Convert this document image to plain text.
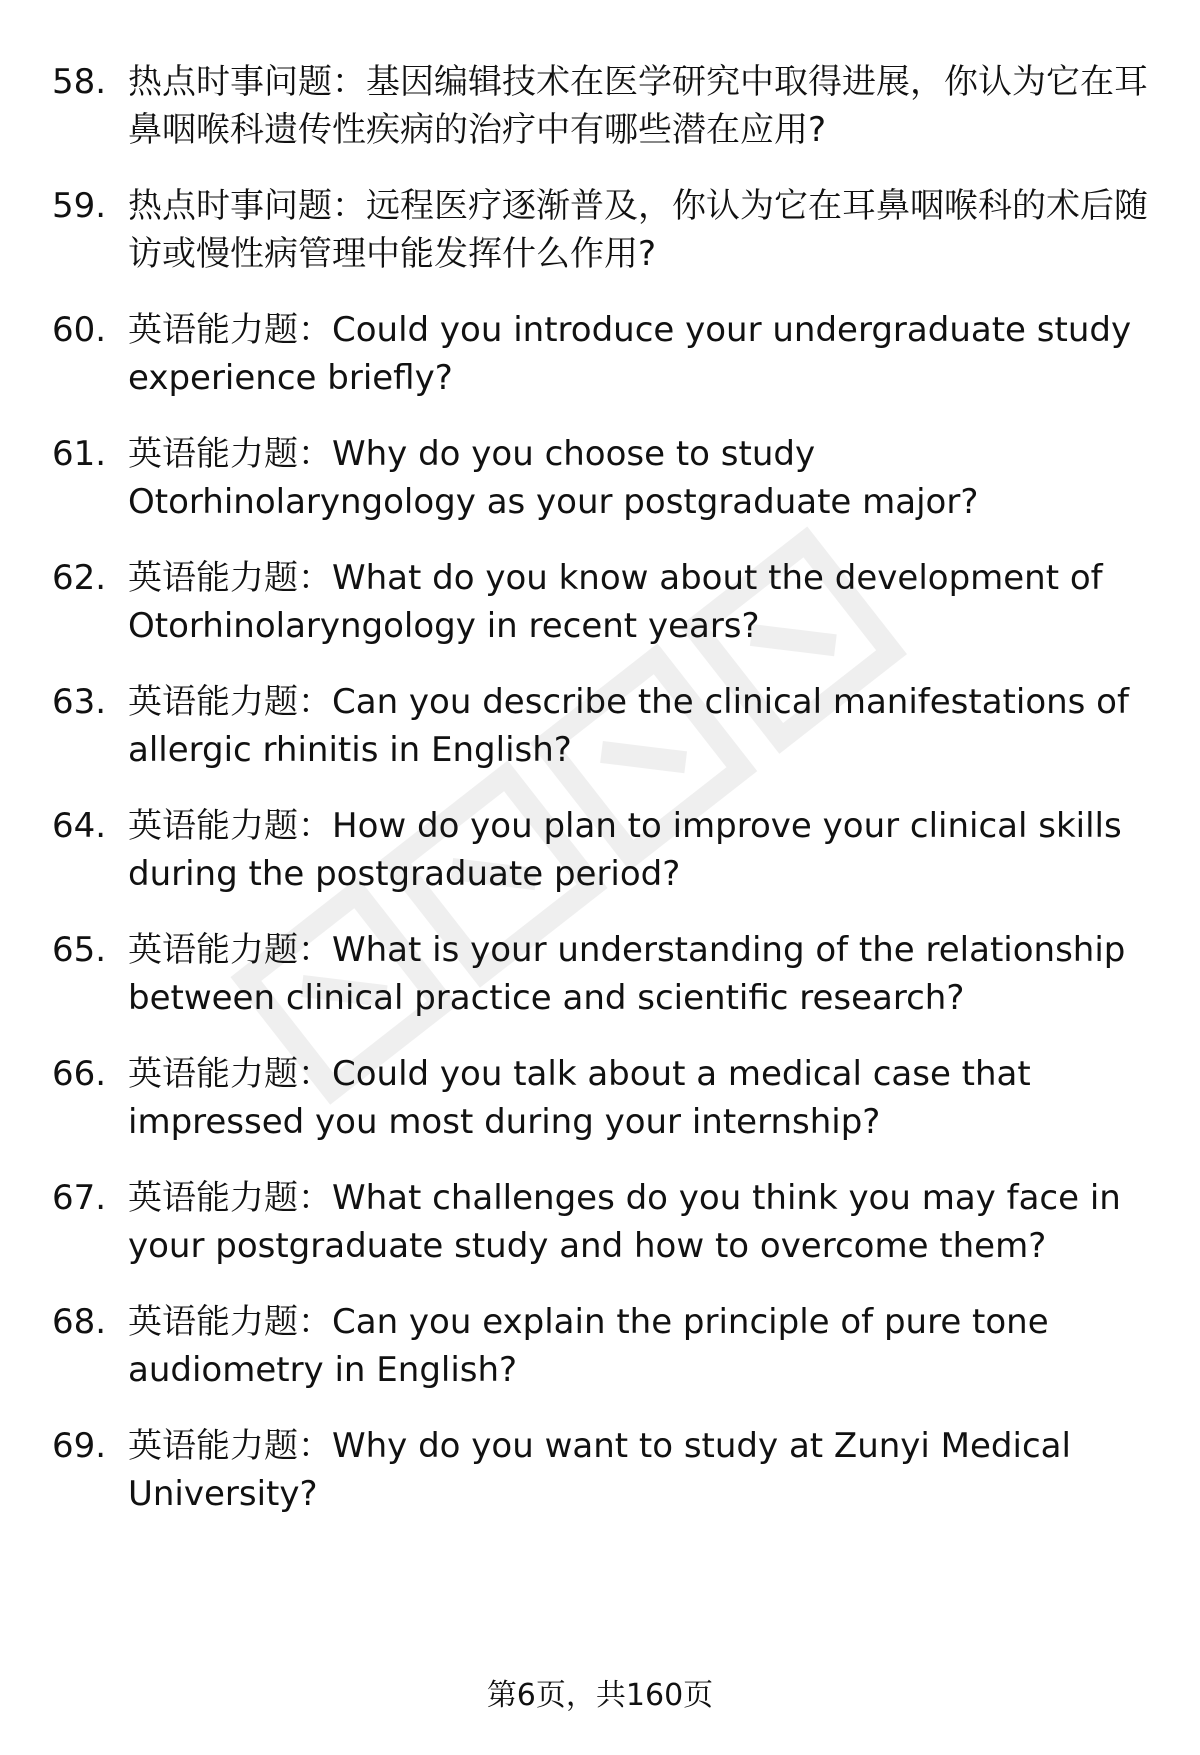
58. 热点时事问题：基因编辑技术在医学研究中取得进展，你认为它在耳鼻咽喉科遗传性疾病的治疗中有哪些潜在应用?
59. 热点时事问题：远程医疗逐渐普及，你认为它在耳鼻咽喉科的术后随访或慢性病管理中能发挥什么作用?
60. 英语能力题：Could you introduce your undergraduate study experience briefly?
61. 英语能力题：Why do you choose to study Otorhinolaryngology as your postgraduate major?
62. 英语能力题：What do you know about the development of Otorhinolaryngology in recent years?
63. 英语能力题：Can you describe the clinical manifestations of allergic rhinitis in English?
64. 英语能力题：How do you plan to improve your clinical skills during the postgraduate period?
65. 英语能力题：What is your understanding of the relationship between clinical practice and scientific research?
66. 英语能力题：Could you talk about a medical case that impressed you most during your internship?
67. 英语能力题：What challenges do you think you may face in your postgraduate study and how to overcome them?
68. 英语能力题：Can you explain the principle of pure tone audiometry in English?
69. 英语能力题：Why do you want to study at Zunyi Medical University?
第6页，共160页
